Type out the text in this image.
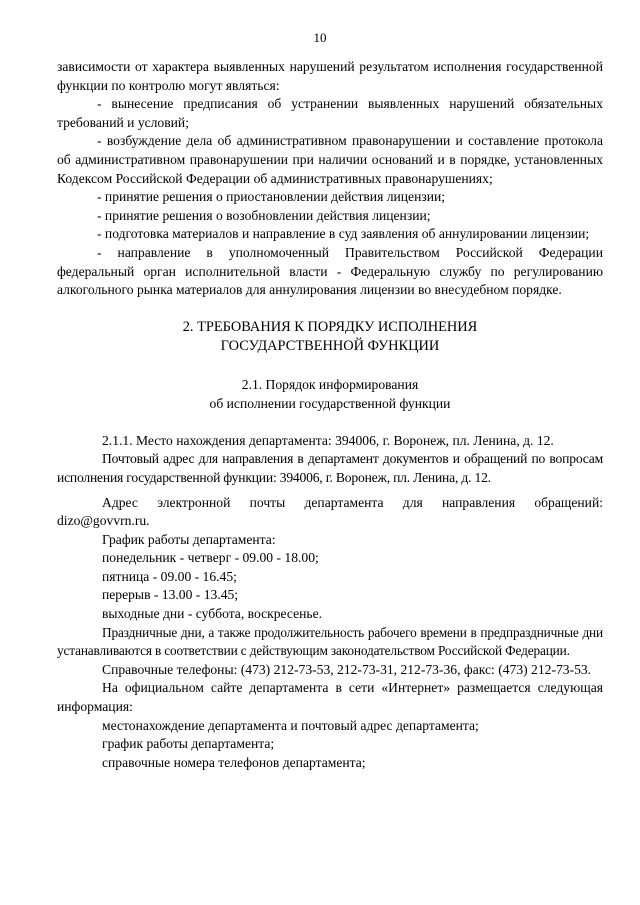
10

зависимости от характера выявленных нарушений результатом исполнения государственной функции по контролю могут являться:

- вынесение предписания об устранении выявленных нарушений обязательных требований и условий;

- возбуждение дела об административном правонарушении и составление протокола об административном правонарушении при наличии оснований и в порядке, установленных Кодексом Российской Федерации об административных правонарушениях;

- принятие решения о приостановлении действия лицензии;

- принятие решения о возобновлении действия лицензии;

- подготовка материалов и направление в суд заявления об аннулировании лицензии;

- направление в уполномоченный Правительством Российской Федерации федеральный орган исполнительной власти - Федеральную службу по регулированию алкогольного рынка материалов для аннулирования лицензии во внесудебном порядке.

2. ТРЕБОВАНИЯ К ПОРЯДКУ ИСПОЛНЕНИЯ

ГОСУДАРСТВЕННОЙ ФУНКЦИИ

2.1. Порядок информирования

об исполнении государственной функции

2.1.1. Место нахождения департамента: 394006, г. Воронеж, пл. Ленина, д. 12.

Почтовый адрес для направления в департамент документов и обращений по вопросам исполнения государственной функции: 394006, г. Воронеж, пл. Ленина, д. 12.

Адрес электронной почты департамента для направления обращений: dizo@govvrn.ru.

График работы департамента:

понедельник - четверг - 09.00 - 18.00;

пятница - 09.00 - 16.45;

перерыв - 13.00 - 13.45;

выходные дни - суббота, воскресенье.

Праздничные дни, а также продолжительность рабочего времени в предпраздничные дни устанавливаются в соответствии с действующим законодательством Российской Федерации.

Справочные телефоны: (473) 212-73-53, 212-73-31, 212-73-36, факс: (473) 212-73-53.

На официальном сайте департамента в сети «Интернет» размещается следующая информация:

местонахождение департамента и почтовый адрес департамента;

график работы департамента;

справочные номера телефонов департамента;
